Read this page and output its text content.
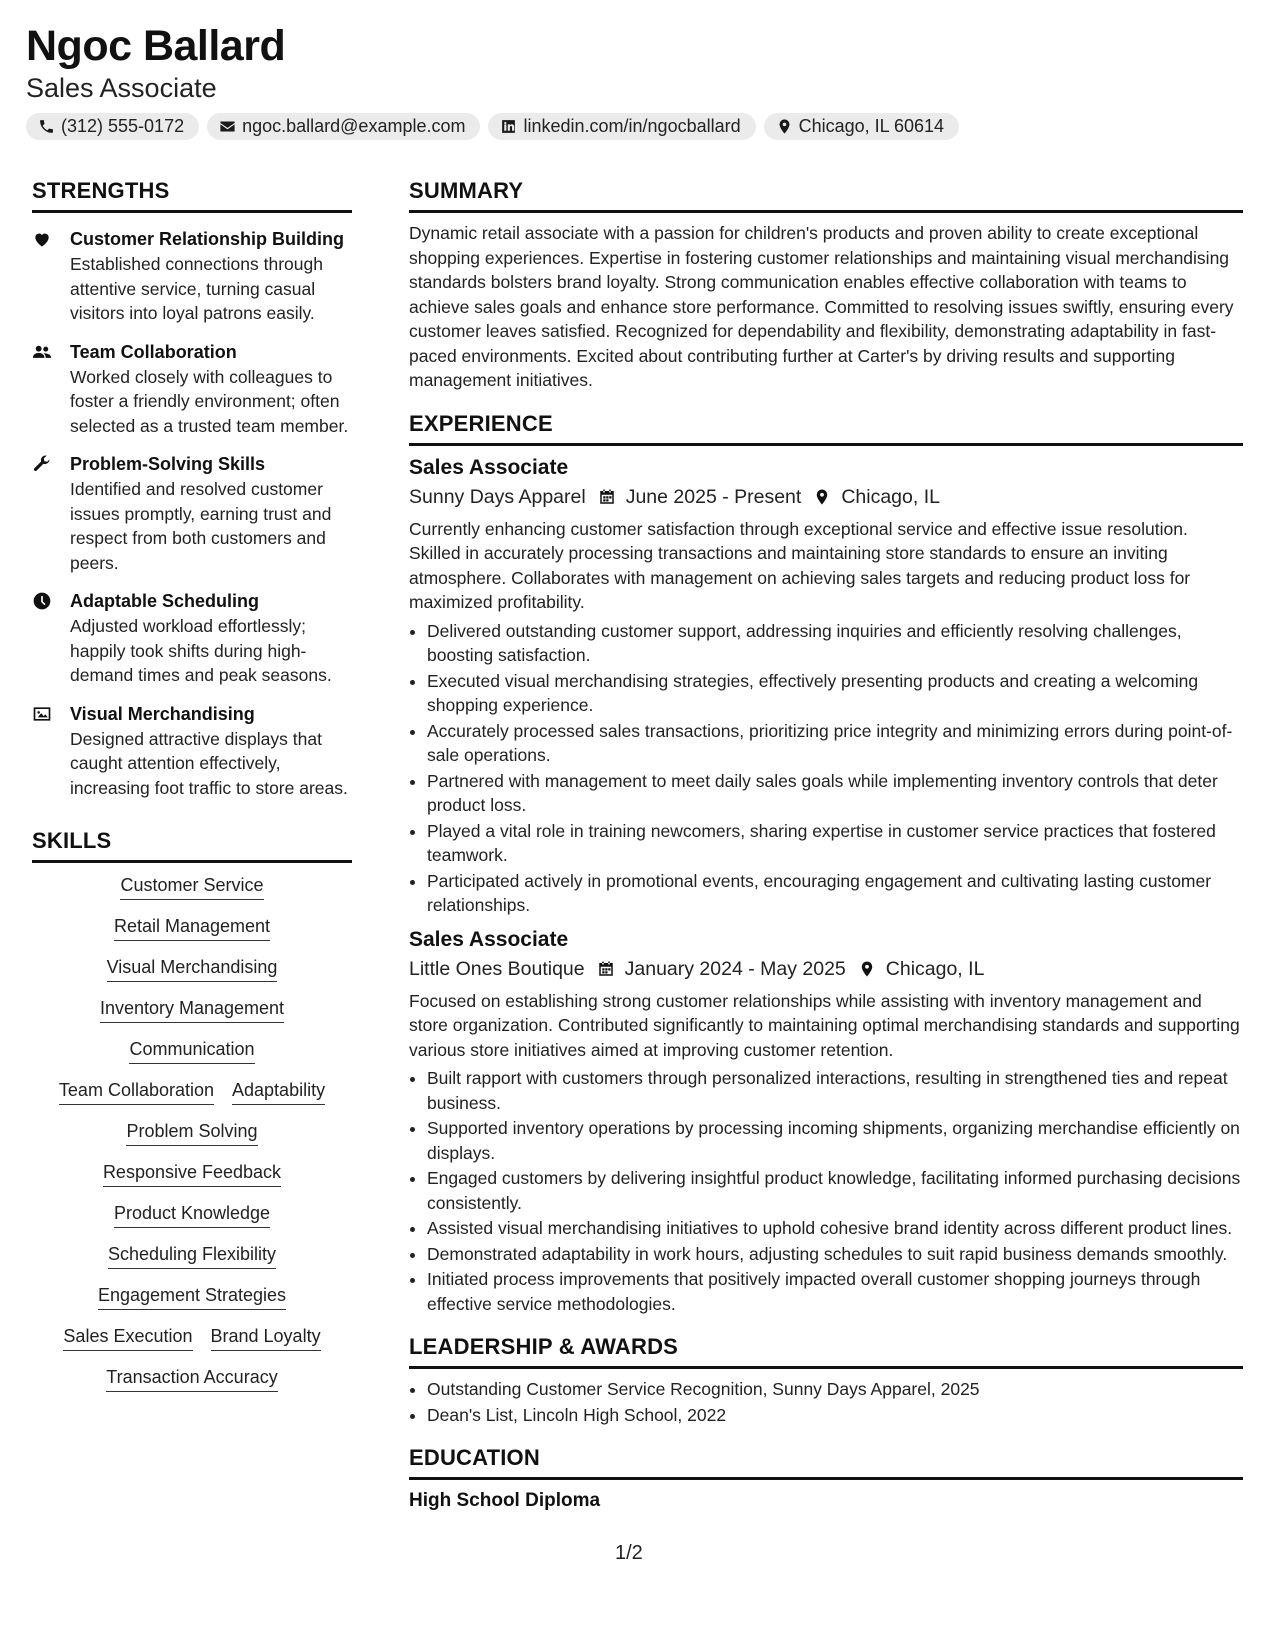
Ngoc Ballard
Sales Associate
(312) 555-0172	ngoc.ballard@example.com	linkedin.com/in/ngocballard	Chicago, IL 60614
STRENGTHS
Customer Relationship Building
Established connections through attentive service, turning casual visitors into loyal patrons easily.
Team Collaboration
Worked closely with colleagues to foster a friendly environment; often selected as a trusted team member.
Problem-Solving Skills
Identified and resolved customer issues promptly, earning trust and respect from both customers and peers.
Adaptable Scheduling
Adjusted workload effortlessly; happily took shifts during high-demand times and peak seasons.
Visual Merchandising
Designed attractive displays that caught attention effectively, increasing foot traffic to store areas.
SKILLS
Customer Service
Retail Management
Visual Merchandising
Inventory Management
Communication
Team Collaboration Adaptability
Problem Solving
Responsive Feedback
Product Knowledge
Scheduling Flexibility
Engagement Strategies
Sales Execution Brand Loyalty
Transaction Accuracy
SUMMARY
Dynamic retail associate with a passion for children's products and proven ability to create exceptional shopping experiences. Expertise in fostering customer relationships and maintaining visual merchandising standards bolsters brand loyalty. Strong communication enables effective collaboration with teams to achieve sales goals and enhance store performance. Committed to resolving issues swiftly, ensuring every customer leaves satisfied. Recognized for dependability and flexibility, demonstrating adaptability in fast-paced environments. Excited about contributing further at Carter's by driving results and supporting management initiatives.
EXPERIENCE
Sales Associate
Sunny Days Apparel June 2025 - Present Chicago, IL
Currently enhancing customer satisfaction through exceptional service and effective issue resolution. Skilled in accurately processing transactions and maintaining store standards to ensure an inviting atmosphere. Collaborates with management on achieving sales targets and reducing product loss for maximized profitability.
• Delivered outstanding customer support, addressing inquiries and efficiently resolving challenges, boosting satisfaction.
• Executed visual merchandising strategies, effectively presenting products and creating a welcoming shopping experience.
• Accurately processed sales transactions, prioritizing price integrity and minimizing errors during point-of-sale operations.
• Partnered with management to meet daily sales goals while implementing inventory controls that deter product loss.
• Played a vital role in training newcomers, sharing expertise in customer service practices that fostered teamwork.
• Participated actively in promotional events, encouraging engagement and cultivating lasting customer relationships.
Sales Associate
Little Ones Boutique January 2024 - May 2025 Chicago, IL
Focused on establishing strong customer relationships while assisting with inventory management and store organization. Contributed significantly to maintaining optimal merchandising standards and supporting various store initiatives aimed at improving customer retention.
• Built rapport with customers through personalized interactions, resulting in strengthened ties and repeat business.
• Supported inventory operations by processing incoming shipments, organizing merchandise efficiently on displays.
• Engaged customers by delivering insightful product knowledge, facilitating informed purchasing decisions consistently.
• Assisted visual merchandising initiatives to uphold cohesive brand identity across different product lines.
• Demonstrated adaptability in work hours, adjusting schedules to suit rapid business demands smoothly.
• Initiated process improvements that positively impacted overall customer shopping journeys through effective service methodologies.
LEADERSHIP & AWARDS
• Outstanding Customer Service Recognition, Sunny Days Apparel, 2025
• Dean's List, Lincoln High School, 2022
EDUCATION
High School Diploma
1/2
